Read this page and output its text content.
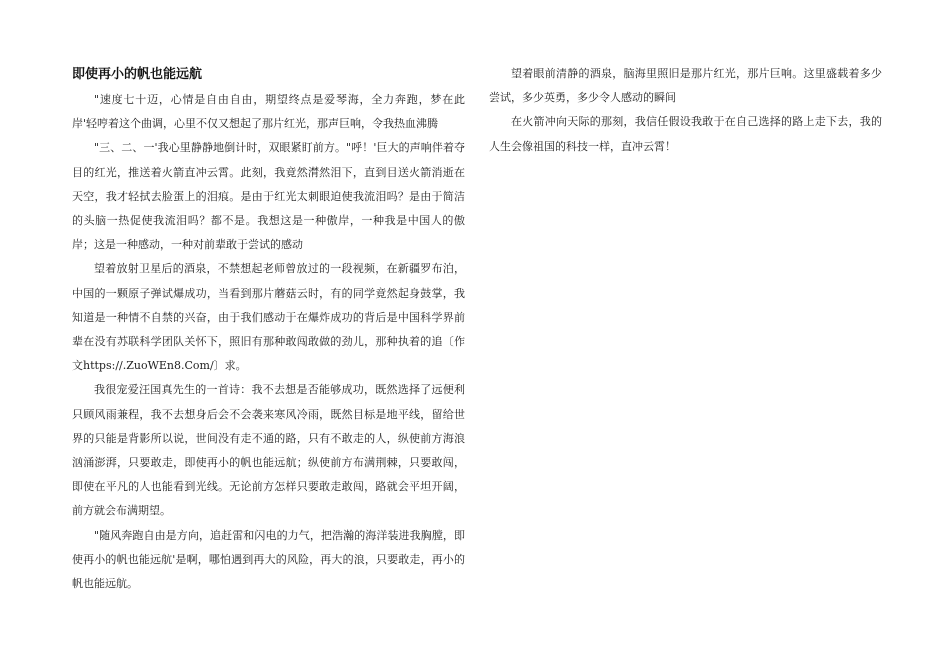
即使再小的帆也能远航

"速度七十迈，心情是自由自由，期望终点是爱琴海，全力奔跑，梦在此岸'轻哼着这个曲调，心里不仅又想起了那片红光，那声巨响，令我热血沸腾

"三、二、一'我心里静静地倒计时，双眼紧盯前方。"呼！'巨大的声响伴着夺目的红光，推送着火箭直冲云霄。此刻，我竟然潸然泪下，直到目送火箭消逝在天空，我才轻拭去脸蛋上的泪痕。是由于红光太刺眼迫使我流泪吗？是由于简洁的头脑一热促使我流泪吗？都不是。我想这是一种傲岸，一种我是中国人的傲岸；这是一种感动，一种对前辈敢于尝试的感动

望着放射卫星后的酒泉，不禁想起老师曾放过的一段视频，在新疆罗布泊，中国的一颗原子弹试爆成功，当看到那片蘑菇云时，有的同学竟然起身鼓掌，我知道是一种情不自禁的兴奋，由于我们感动于在爆炸成功的背后是中国科学界前辈在没有苏联科学团队关怀下，照旧有那种敢闯敢做的劲儿，那种执着的追〔作文https://.ZuoWEn8.Com/〕求。

我很宠爱汪国真先生的一首诗：我不去想是否能够成功，既然选择了远便利只顾风雨兼程，我不去想身后会不会袭来寒风冷雨，既然目标是地平线，留给世界的只能是背影所以说，世间没有走不通的路，只有不敢走的人，纵使前方海浪汹涌澎湃，只要敢走，即使再小的帆也能远航；纵使前方布满荆棘，只要敢闯，即使在平凡的人也能看到光线。无论前方怎样只要敢走敢闯，路就会平坦开阔，前方就会布满期望。

"随风奔跑自由是方向，追赶雷和闪电的力气，把浩瀚的海洋装进我胸膛，即使再小的帆也能远航'是啊，哪怕遇到再大的风险，再大的浪，只要敢走，再小的帆也能远航。

望着眼前清静的酒泉，脑海里照旧是那片红光，那片巨响。这里盛载着多少尝试，多少英勇，多少令人感动的瞬间

在火箭冲向天际的那刻，我信任假设我敢于在自己选择的路上走下去，我的人生会像祖国的科技一样，直冲云霄！
